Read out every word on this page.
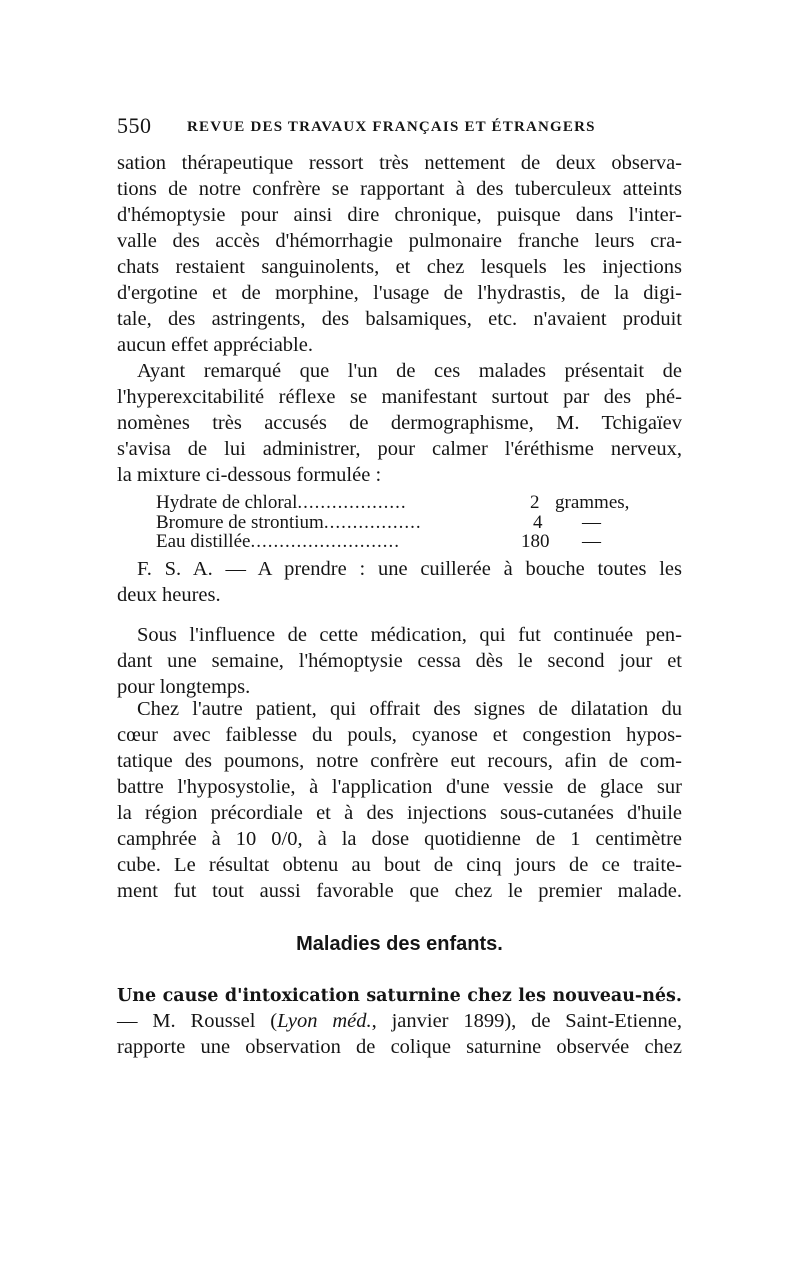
550 REVUE DES TRAVAUX FRANÇAIS ET ÉTRANGERS
sation thérapeutique ressort très nettement de deux observa-
tions de notre confrère se rapportant à des tuberculeux atteints
d'hémoptysie pour ainsi dire chronique, puisque dans l'inter-
valle des accès d'hémorrhagie pulmonaire franche leurs cra-
chats restaient sanguinolents, et chez lesquels les injections
d'ergotine et de morphine, l'usage de l'hydrastis, de la digi-
tale, des astringents, des balsamiques, etc. n'avaient produit
aucun effet appréciable.
Ayant remarqué que l'un de ces malades présentait de
l'hyperexcitabilité réflexe se manifestant surtout par des phé-
nomènes très accusés de dermographisme, M. Tchigaïev
s'avisa de lui administrer, pour calmer l'éréthisme nerveux,
la mixture ci-dessous formulée :
Hydrate de chloral...................	2 grammes,
Bromure de strontium.................	4 —
Eau distillée..........................	180 —
F. S. A. — A prendre : une cuillerée à bouche toutes les
deux heures.
Sous l'influence de cette médication, qui fut continuée pen-
dant une semaine, l'hémoptysie cessa dès le second jour et
pour longtemps.
Chez l'autre patient, qui offrait des signes de dilatation du
cœur avec faiblesse du pouls, cyanose et congestion hypos-
tatique des poumons, notre confrère eut recours, afin de com-
battre l'hyposystolie, à l'application d'une vessie de glace sur
la région précordiale et à des injections sous-cutanées d'huile
camphrée à 10 0/0, à la dose quotidienne de 1 centimètre
cube. Le résultat obtenu au bout de cinq jours de ce traite-
ment fut tout aussi favorable que chez le premier malade.
Maladies des enfants.
Une cause d'intoxication saturnine chez les nouveau-nés.
— M. Roussel (Lyon méd., janvier 1899), de Saint-Etienne,
rapporte une observation de colique saturnine observée chez
